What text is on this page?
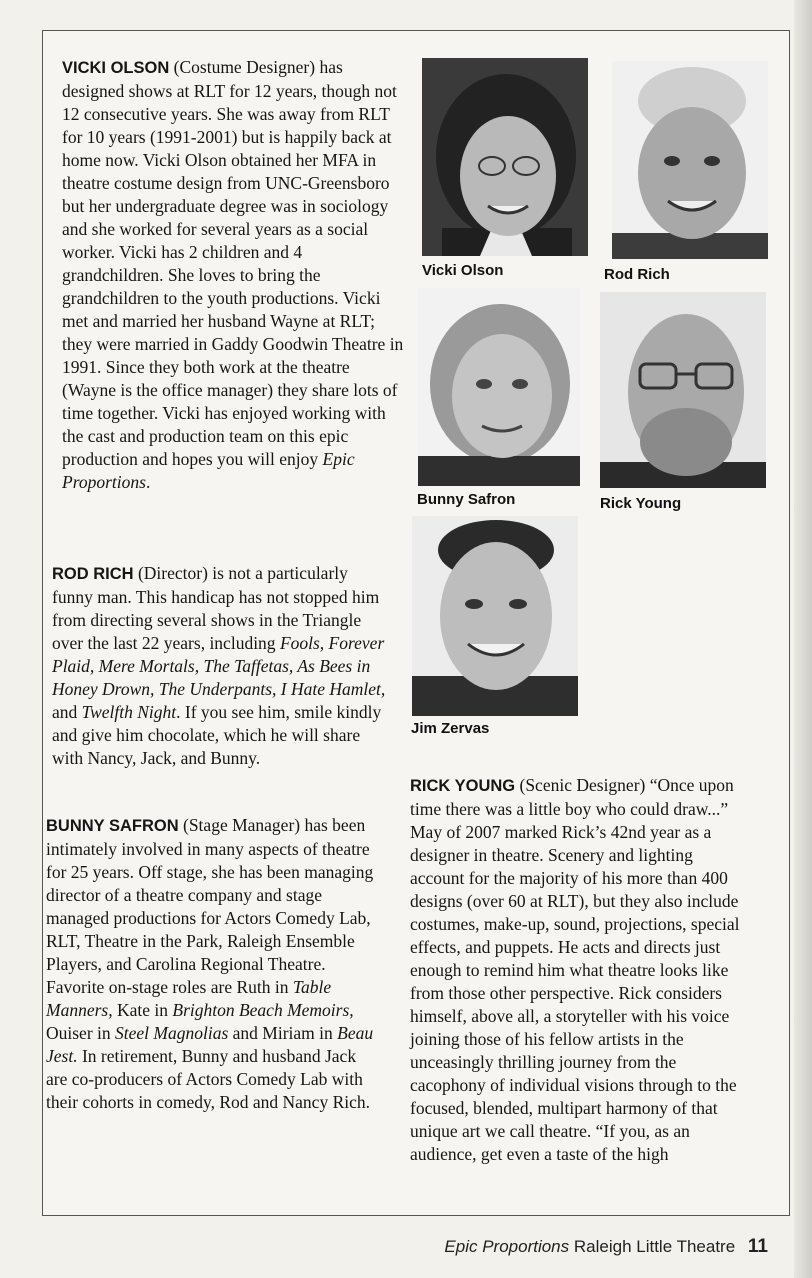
VICKI OLSON (Costume Designer) has designed shows at RLT for 12 years, though not 12 consecutive years. She was away from RLT for 10 years (1991-2001) but is happily back at home now. Vicki Olson obtained her MFA in theatre costume design from UNC-Greensboro but her undergraduate degree was in sociology and she worked for several years as a social worker. Vicki has 2 children and 4 grandchildren. She loves to bring the grandchildren to the youth productions. Vicki met and married her husband Wayne at RLT; they were married in Gaddy Goodwin Theatre in 1991. Since they both work at the theatre (Wayne is the office manager) they share lots of time together. Vicki has enjoyed working with the cast and production team on this epic production and hopes you will enjoy Epic Proportions.
ROD RICH (Director) is not a particularly funny man. This handicap has not stopped him from directing several shows in the Triangle over the last 22 years, including Fools, Forever Plaid, Mere Mortals, The Taffetas, As Bees in Honey Drown, The Underpants, I Hate Hamlet, and Twelfth Night. If you see him, smile kindly and give him chocolate, which he will share with Nancy, Jack, and Bunny.
BUNNY SAFRON (Stage Manager) has been intimately involved in many aspects of theatre for 25 years. Off stage, she has been managing director of a theatre company and stage managed productions for Actors Comedy Lab, RLT, Theatre in the Park, Raleigh Ensemble Players, and Carolina Regional Theatre. Favorite on-stage roles are Ruth in Table Manners, Kate in Brighton Beach Memoirs, Ouiser in Steel Magnolias and Miriam in Beau Jest. In retirement, Bunny and husband Jack are co-producers of Actors Comedy Lab with their cohorts in comedy, Rod and Nancy Rich.
RICK YOUNG (Scenic Designer) “Once upon time there was a little boy who could draw...” May of 2007 marked Rick’s 42nd year as a designer in theatre. Scenery and lighting account for the majority of his more than 400 designs (over 60 at RLT), but they also include costumes, make-up, sound, projections, special effects, and puppets. He acts and directs just enough to remind him what theatre looks like from those other perspective. Rick considers himself, above all, a storyteller with his voice joining those of his fellow artists in the unceasingly thrilling journey from the cacophony of individual visions through to the focused, blended, multipart harmony of that unique art we call theatre. “If you, as an audience, get even a taste of the high
Vicki Olson	Rod Rich
Bunny Safron	Rick Young
Jim Zervas
Epic Proportions Raleigh Little Theatre 11
